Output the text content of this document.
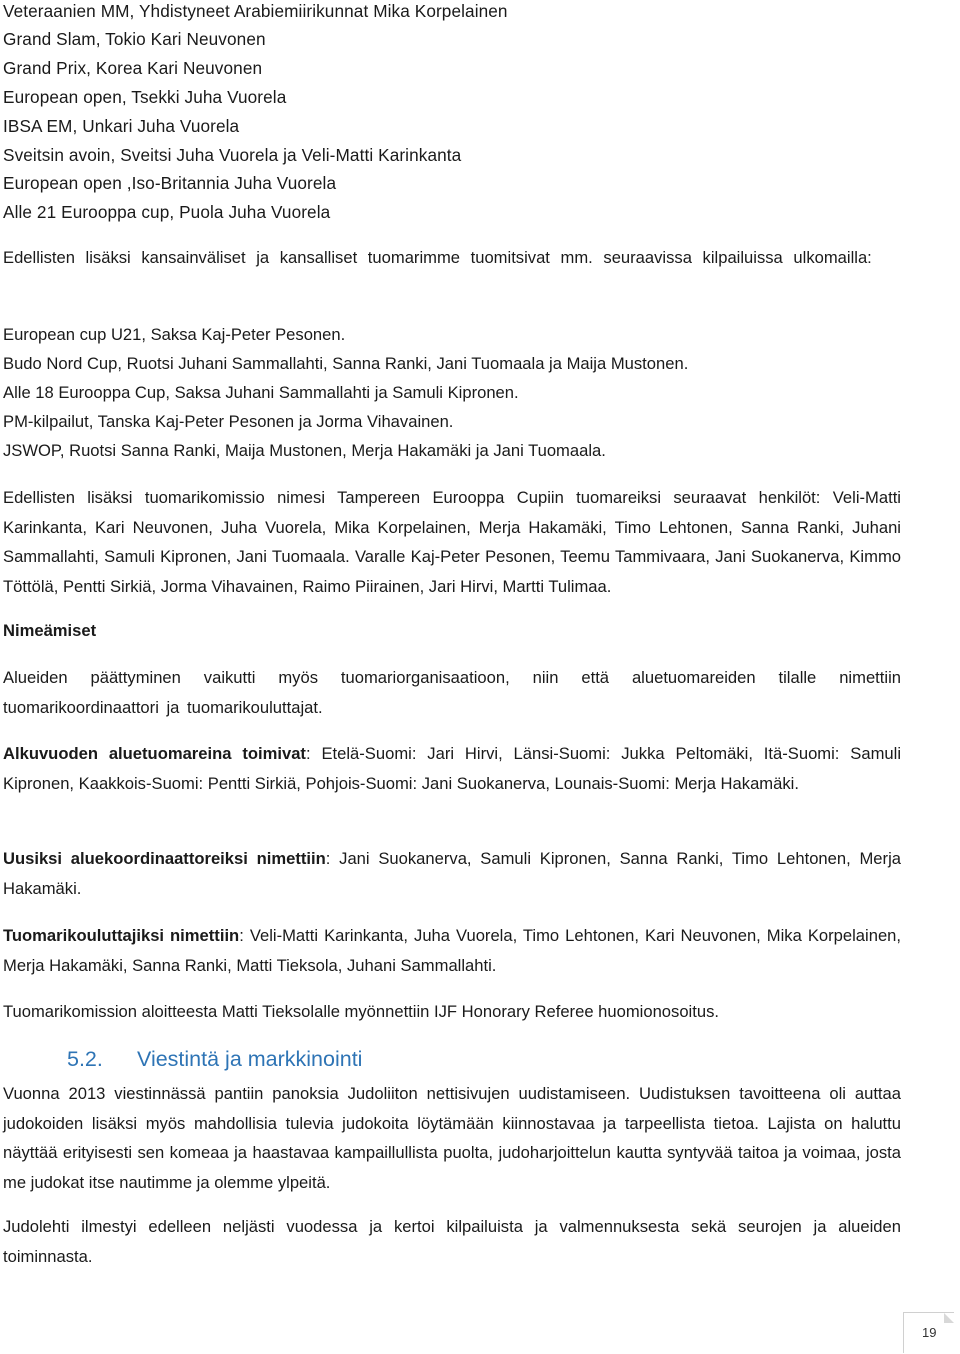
Veteraanien MM, Yhdistyneet Arabiemiirikunnat Mika Korpelainen
Grand Slam, Tokio Kari Neuvonen
Grand Prix, Korea Kari Neuvonen
European open, Tsekki Juha Vuorela
IBSA EM, Unkari Juha Vuorela
Sveitsin avoin, Sveitsi Juha Vuorela ja Veli-Matti Karinkanta
European open ,Iso-Britannia Juha Vuorela
Alle 21 Eurooppa cup, Puola Juha Vuorela

Edellisten lisäksi kansainväliset ja kansalliset tuomarimme tuomitsivat mm. seuraavissa kilpailuissa ulkomailla:

European cup U21, Saksa Kaj-Peter Pesonen.
Budo Nord Cup, Ruotsi Juhani Sammallahti, Sanna Ranki, Jani Tuomaala ja Maija Mustonen.
Alle 18 Eurooppa Cup, Saksa Juhani Sammallahti ja Samuli Kipronen.
PM-kilpailut, Tanska Kaj-Peter Pesonen ja Jorma Vihavainen.
JSWOP, Ruotsi Sanna Ranki, Maija Mustonen, Merja Hakamäki ja Jani Tuomaala.

Edellisten lisäksi tuomarikomissio nimesi Tampereen Eurooppa Cupiin tuomareiksi seuraavat henkilöt: Veli-Matti Karinkanta, Kari Neuvonen, Juha Vuorela, Mika Korpelainen, Merja Hakamäki, Timo Lehtonen, Sanna Ranki, Juhani Sammallahti, Samuli Kipronen, Jani Tuomaala. Varalle Kaj-Peter Pesonen, Teemu Tammivaara, Jani Suokanerva, Kimmo Töttölä, Pentti Sirkiä, Jorma Vihavainen, Raimo Piirainen, Jari Hirvi, Martti Tulimaa.

Nimeämiset

Alueiden päättyminen vaikutti myös tuomariorganisaatioon, niin että aluetuomareiden tilalle nimettiin tuomarikoordinaattori ja tuomarikouluttajat.

Alkuvuoden aluetuomareina toimivat: Etelä-Suomi: Jari Hirvi, Länsi-Suomi: Jukka Peltomäki, Itä-Suomi: Samuli Kipronen, Kaakkois-Suomi: Pentti Sirkiä, Pohjois-Suomi: Jani Suokanerva, Lounais-Suomi: Merja Hakamäki.

Uusiksi aluekoordinaattoreiksi nimettiin: Jani Suokanerva, Samuli Kipronen, Sanna Ranki, Timo Lehtonen, Merja Hakamäki.

Tuomarikouluttajiksi nimettiin: Veli-Matti Karinkanta, Juha Vuorela, Timo Lehtonen, Kari Neuvonen, Mika Korpelainen, Merja Hakamäki, Sanna Ranki, Matti Tieksola, Juhani Sammallahti.

Tuomarikomission aloitteesta Matti Tieksolalle myönnettiin IJF Honorary Referee huomionosoitus.

5.2. Viestintä ja markkinointi

Vuonna 2013 viestinnässä pantiin panoksia Judoliiton nettisivujen uudistamiseen. Uudistuksen tavoitteena oli auttaa judokoiden lisäksi myös mahdollisia tulevia judokoita löytämään kiinnostavaa ja tarpeellista tietoa. Lajista on haluttu näyttää erityisesti sen komeaa ja haastavaa kampaillullista puolta, judoharjoittelun kautta syntyvää taitoa ja voimaa, josta me judokat itse nautimme ja olemme ylpeitä.

Judolehti ilmestyi edelleen neljästi vuodessa ja kertoi kilpailuista ja valmennuksesta sekä seurojen ja alueiden toiminnasta.

19
